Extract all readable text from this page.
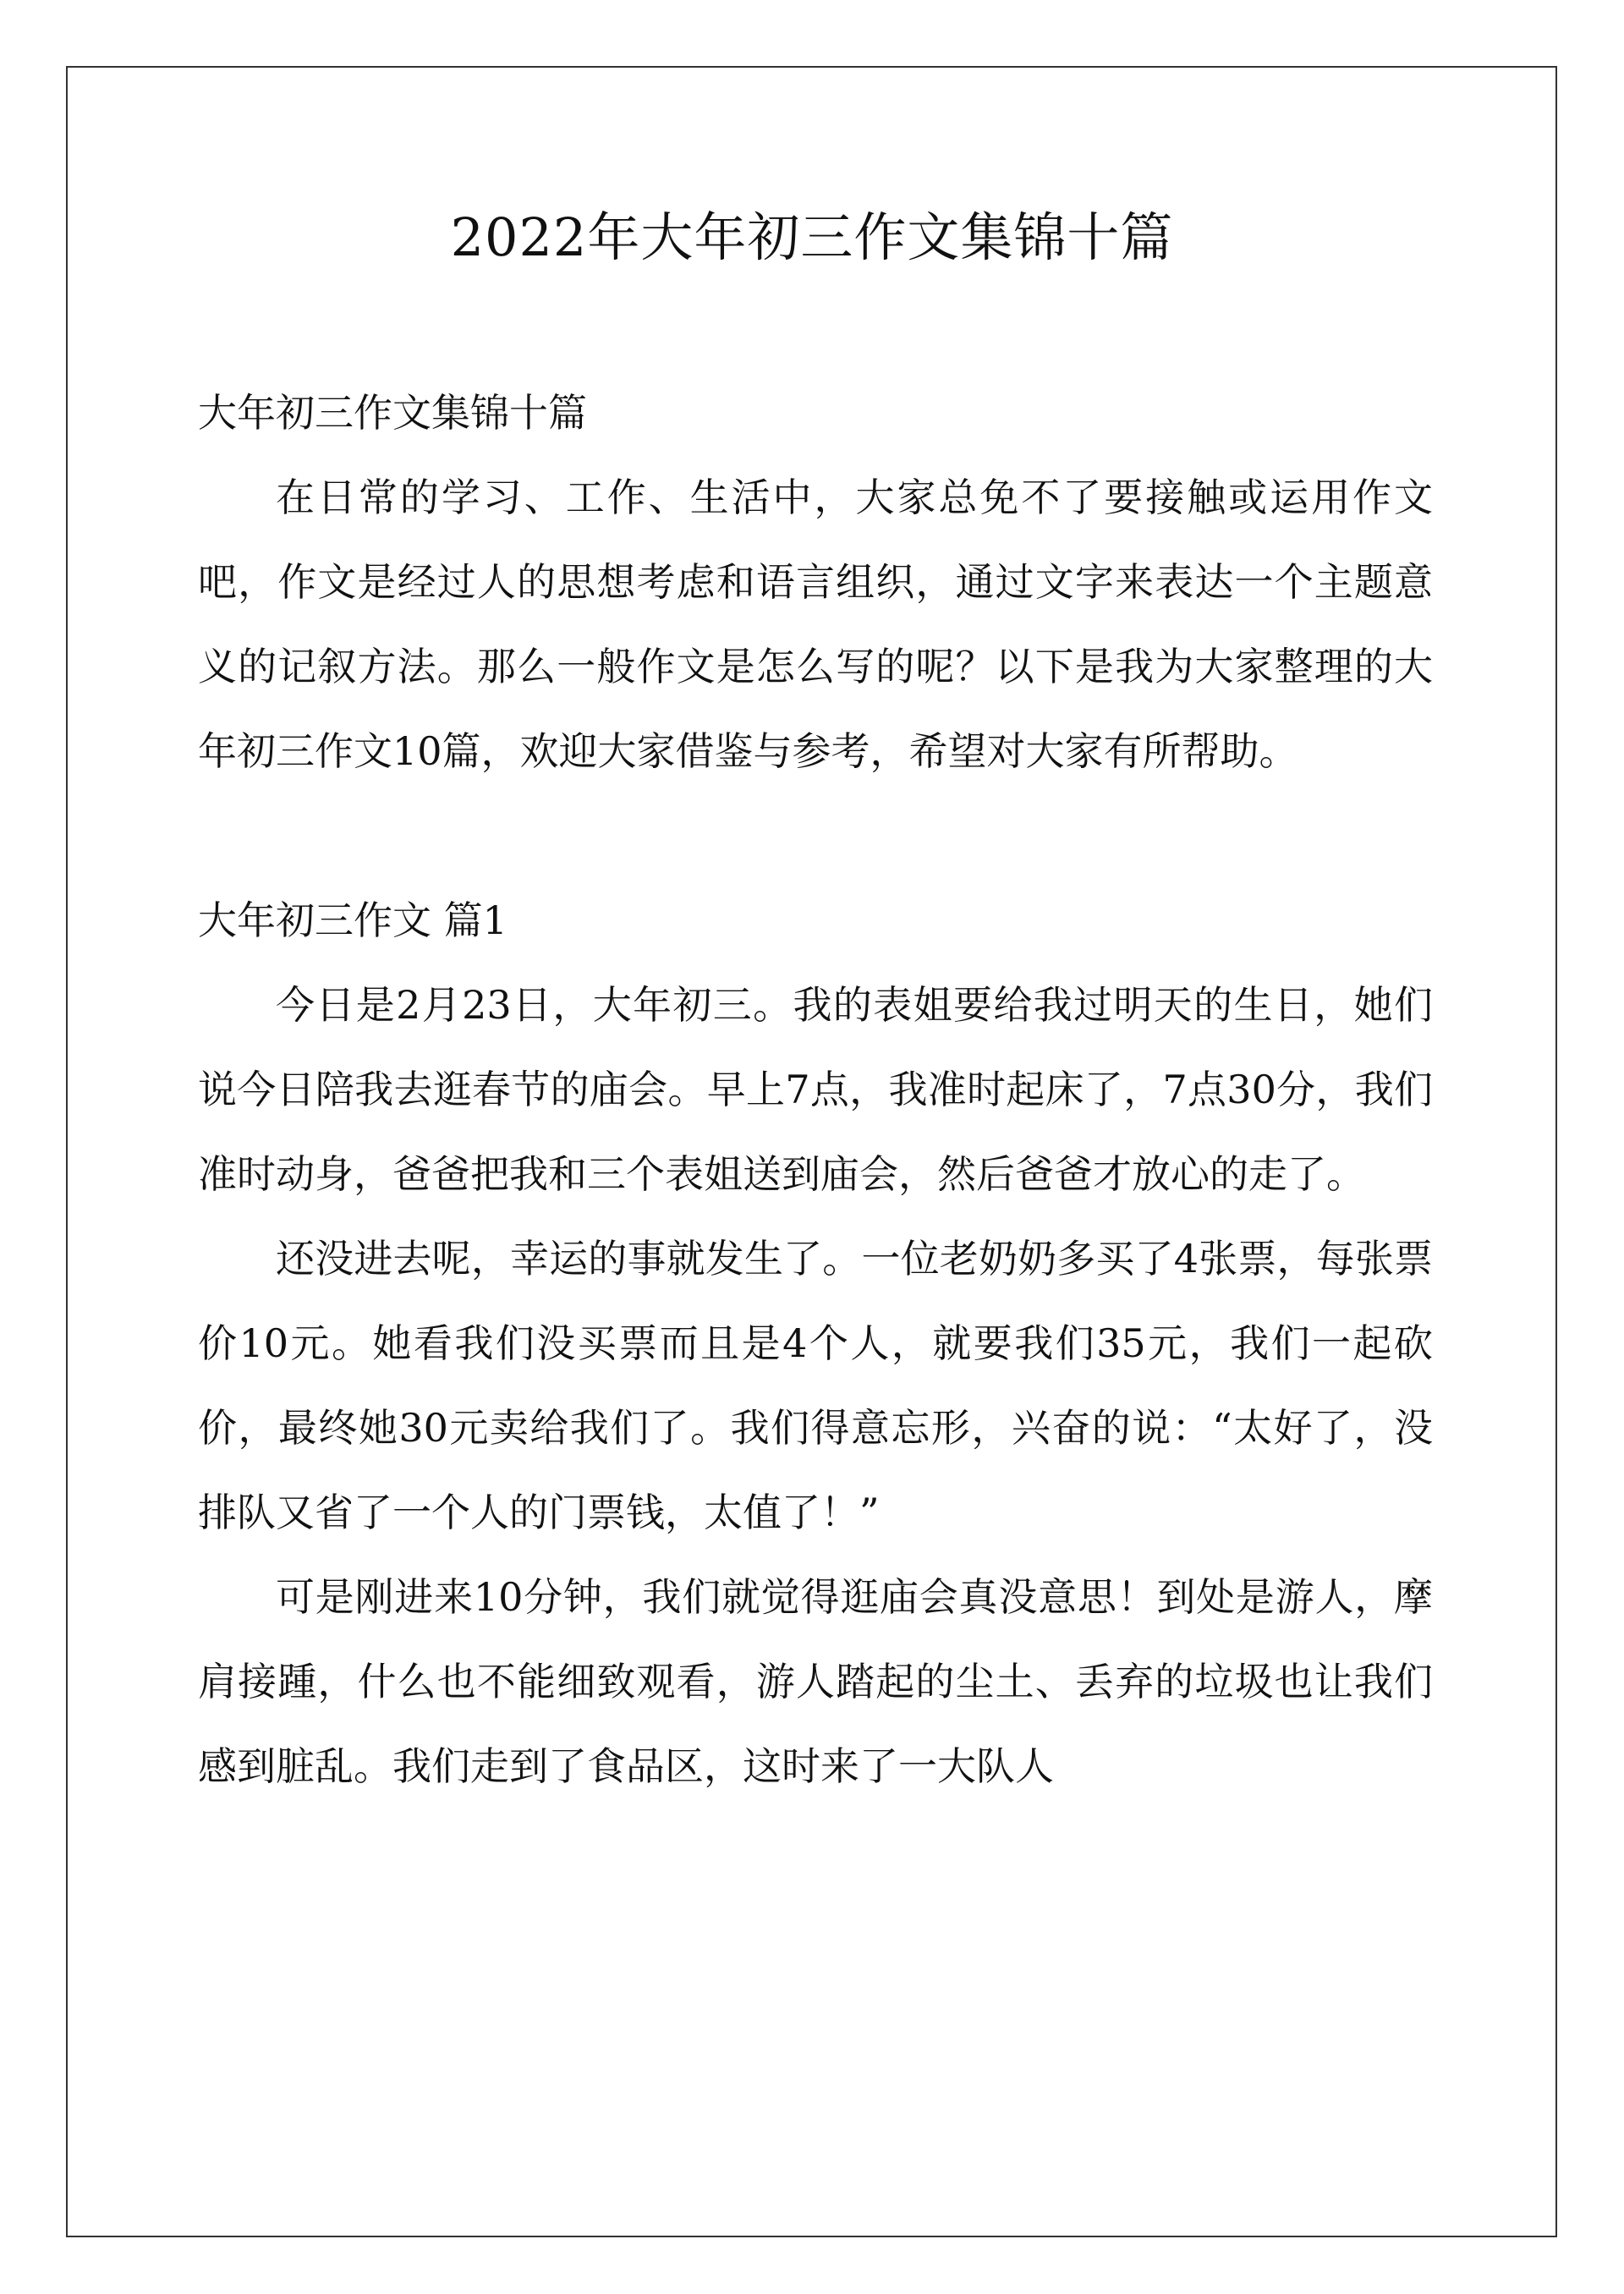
2022年大年初三作文集锦十篇

大年初三作文集锦十篇

在日常的学习、工作、生活中，大家总免不了要接触或运用作文吧，作文是经过人的思想考虑和语言组织，通过文字来表达一个主题意义的记叙方法。那么一般作文是怎么写的呢？以下是我为大家整理的大年初三作文10篇，欢迎大家借鉴与参考，希望对大家有所帮助。

大年初三作文 篇1

今日是2月23日，大年初三。我的表姐要给我过明天的生日，她们说今日陪我去逛春节的庙会。早上7点，我准时起床了，7点30分，我们准时动身，爸爸把我和三个表姐送到庙会，然后爸爸才放心的走了。

还没进去呢，幸运的事就发生了。一位老奶奶多买了4张票，每张票价10元。她看我们没买票而且是4个人，就要我们35元，我们一起砍价，最终她30元卖给我们了。我们得意忘形，兴奋的说：“太好了，没排队又省了一个人的门票钱，太值了！”

可是刚进来10分钟，我们就觉得逛庙会真没意思！到处是游人，摩肩接踵，什么也不能细致观看，游人踏起的尘土、丢弃的垃圾也让我们感到脏乱。我们走到了食品区，这时来了一大队人
